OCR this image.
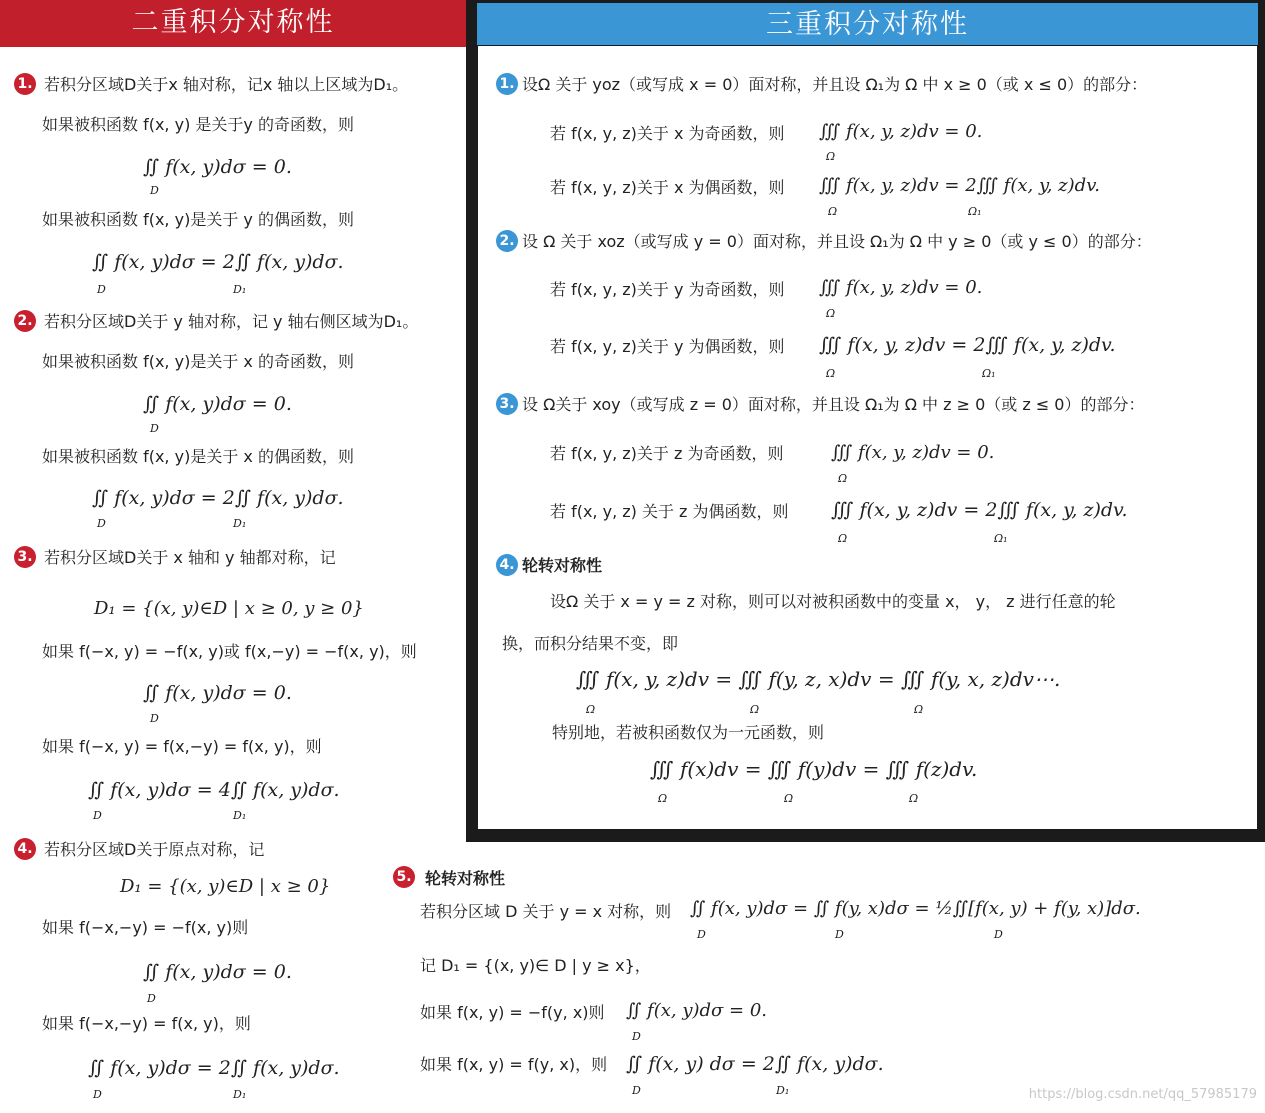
二重积分对称性	三重积分对称性
1. 若积分区域D关于x 轴对称，记x 轴以上区域为D₁。
如果被积函数 f(x, y) 是关于y 的奇函数，则
∬ f(x, y)dσ = 0.
D
如果被积函数 f(x, y)是关于 y 的偶函数，则
∬ f(x, y)dσ = 2∬ f(x, y)dσ.
D	D₁
2. 若积分区域D关于 y 轴对称，记 y 轴右侧区域为D₁。
如果被积函数 f(x, y)是关于 x 的奇函数，则
∬ f(x, y)dσ = 0.
D
如果被积函数 f(x, y)是关于 x 的偶函数，则
∬ f(x, y)dσ = 2∬ f(x, y)dσ.
D	D₁
3. 若积分区域D关于 x 轴和 y 轴都对称，记
D₁ = {(x, y)∈D | x ≥ 0, y ≥ 0}
如果 f(−x, y) = −f(x, y)或 f(x,−y) = −f(x, y)，则
∬ f(x, y)dσ = 0.
D
如果 f(−x, y) = f(x,−y) = f(x, y)，则
∬ f(x, y)dσ = 4∬ f(x, y)dσ.
D	D₁
4. 若积分区域D关于原点对称，记
D₁ = {(x, y)∈D | x ≥ 0}
如果 f(−x,−y) = −f(x, y)则
∬ f(x, y)dσ = 0.
D
如果 f(−x,−y) = f(x, y)，则
∬ f(x, y)dσ = 2∬ f(x, y)dσ.
D	D₁
1. 设Ω 关于 yoz（或写成 x = 0）面对称，并且设 Ω₁为 Ω 中 x ≥ 0（或 x ≤ 0）的部分：
若 f(x, y, z)关于 x 为奇函数，则 ∭ f(x, y, z)dv = 0.
Ω
若 f(x, y, z)关于 x 为偶函数，则 ∭ f(x, y, z)dv = 2∭ f(x, y, z)dv.
Ω	Ω₁
2. 设 Ω 关于 xoz（或写成 y = 0）面对称，并且设 Ω₁为 Ω 中 y ≥ 0（或 y ≤ 0）的部分：
若 f(x, y, z)关于 y 为奇函数，则 ∭ f(x, y, z)dv = 0.
Ω
若 f(x, y, z)关于 y 为偶函数，则 ∭ f(x, y, z)dv = 2∭ f(x, y, z)dv.
Ω	Ω₁
3. 设 Ω关于 xoy（或写成 z = 0）面对称，并且设 Ω₁为 Ω 中 z ≥ 0（或 z ≤ 0）的部分：
若 f(x, y, z)关于 z 为奇函数，则	∭ f(x, y, z)dv = 0.
Ω
若 f(x, y, z) 关于 z 为偶函数，则 ∭ f(x, y, z)dv = 2∭ f(x, y, z)dv.
Ω	Ω₁
4. 轮转对称性
设Ω 关于 x = y = z 对称，则可以对被积函数中的变量 x， y， z 进行任意的轮
换，而积分结果不变，即
∭ f(x, y, z)dv = ∭ f(y, z, x)dv = ∭ f(y, x, z)dv⋯.
Ω	Ω	Ω
特别地，若被积函数仅为一元函数，则
∭ f(x)dv = ∭ f(y)dv = ∭ f(z)dv.
Ω	Ω	Ω
5. 轮转对称性
若积分区域 D 关于 y = x 对称，则 ∬ f(x, y)dσ = ∬ f(y, x)dσ = ½∬[f(x, y) + f(y, x)]dσ.
D	D	D
记 D₁ = {(x, y)∈ D | y ≥ x}，
如果 f(x, y) = −f(y, x)则 ∬ f(x, y)dσ = 0.
D
如果 f(x, y) = f(y, x)，则 ∬ f(x, y) dσ = 2∬ f(x, y)dσ.
D	D₁	https://blog.csdn.net/qq_57985179
